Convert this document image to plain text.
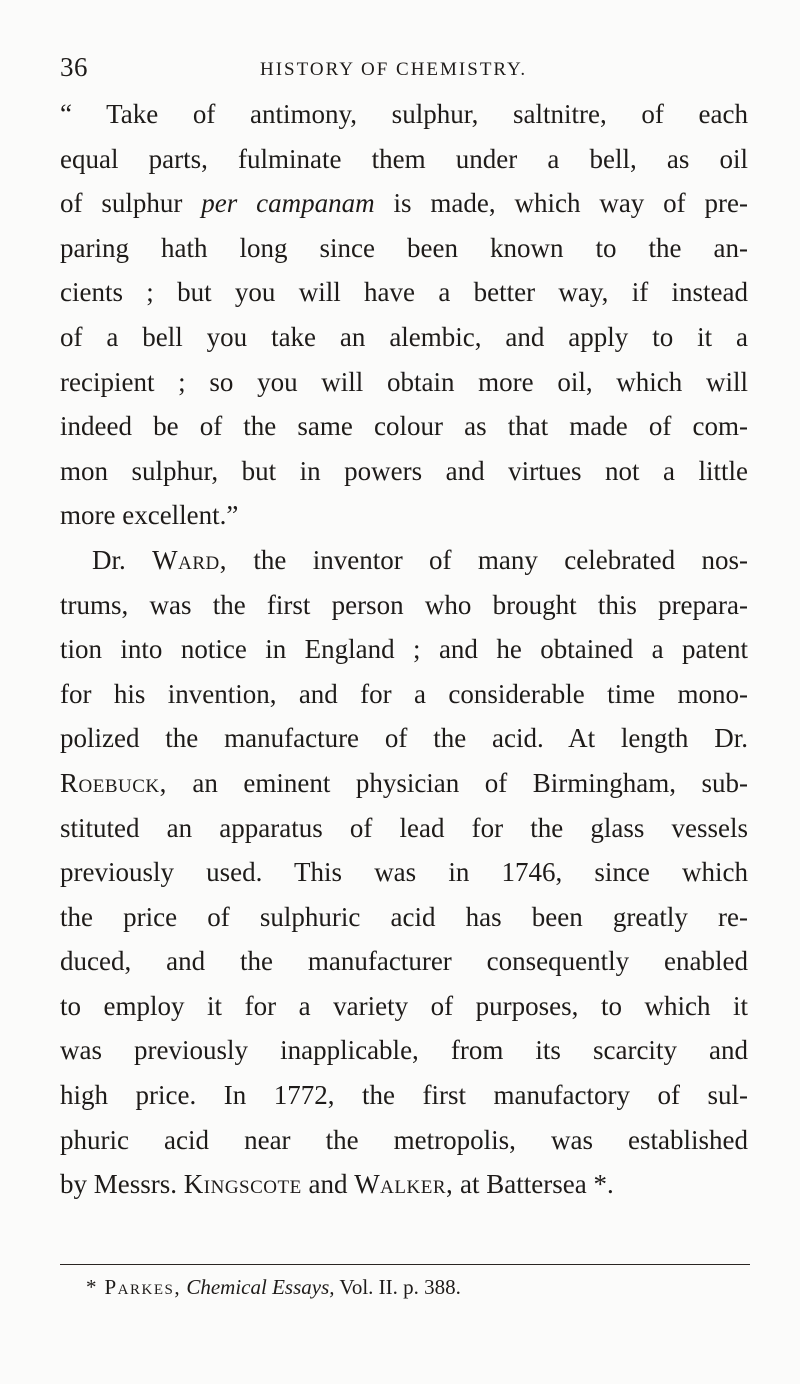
36	HISTORY OF CHEMISTRY.
“ Take of antimony, sulphur, saltnitre, of each
equal parts, fulminate them under a bell, as oil
of sulphur per campanam is made, which way of pre-
paring hath long since been known to the an-
cients ; but you will have a better way, if instead
of a bell you take an alembic, and apply to it a
recipient ; so you will obtain more oil, which will
indeed be of the same colour as that made of com-
mon sulphur, but in powers and virtues not a little
more excellent.”
Dr. Ward, the inventor of many celebrated nos-
trums, was the first person who brought this prepara-
tion into notice in England ; and he obtained a patent
for his invention, and for a considerable time mono-
polized the manufacture of the acid. At length Dr.
Roebuck, an eminent physician of Birmingham, sub-
stituted an apparatus of lead for the glass vessels
previously used. This was in 1746, since which
the price of sulphuric acid has been greatly re-
duced, and the manufacturer consequently enabled
to employ it for a variety of purposes, to which it
was previously inapplicable, from its scarcity and
high price. In 1772, the first manufactory of sul-
phuric acid near the metropolis, was established
by Messrs. Kingscote and Walker, at Battersea *.
* Parkes, Chemical Essays, Vol. II. p. 388.
